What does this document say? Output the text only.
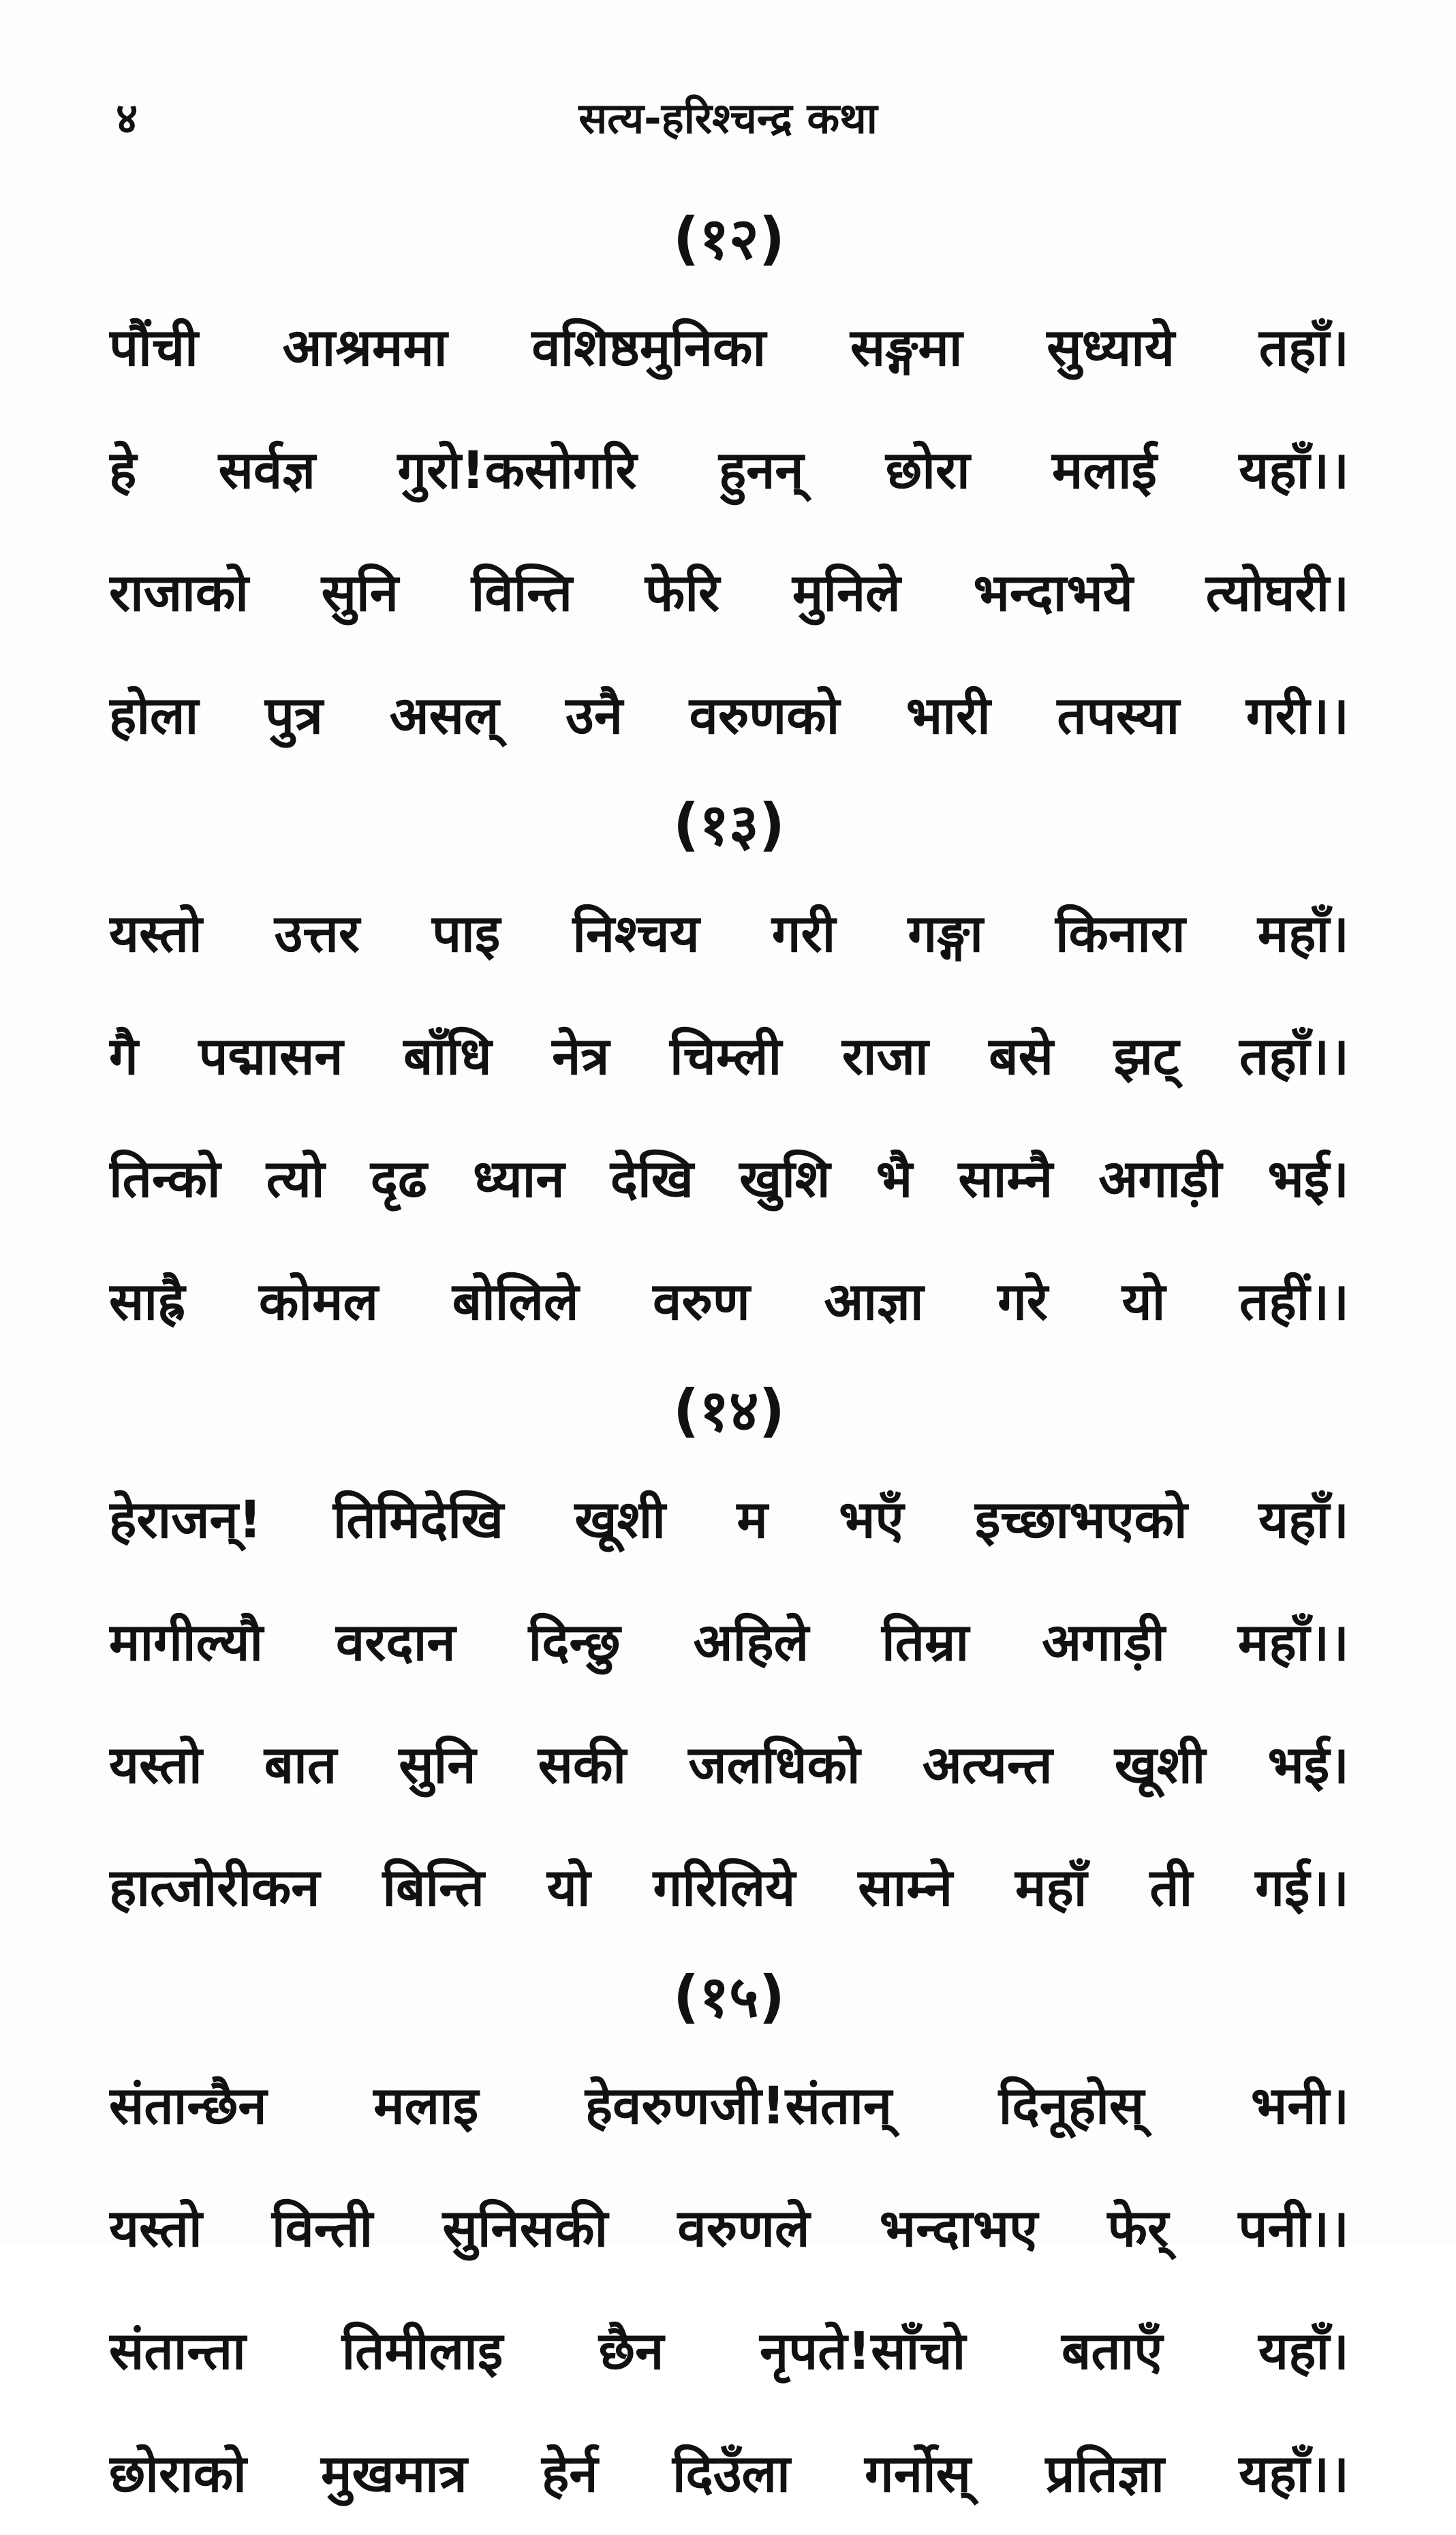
४	सत्य-हरिश्चन्द्र कथा
(१२)
पौंची आश्रममा वशिष्ठमुनिका सङ्गमा सुध्याये तहाँ।
हे सर्वज्ञ गुरो!कसोगरि हुनन् छोरा मलाई यहाँ।।
राजाको सुनि विन्ति फेरि मुनिले भन्दाभये त्योघरी।
होला पुत्र असल् उनै वरुणको भारी तपस्या गरी।।
(१३)
यस्तो उत्तर पाइ निश्चय गरी गङ्गा किनारा महाँ।
गै पद्मासन बाँधि नेत्र चिम्ली राजा बसे झट् तहाँ।।
तिन्को त्यो दृढ ध्यान देखि खुशि भै साम्नै अगाड़ी भई।
साह्रै कोमल बोलिले वरुण आज्ञा गरे यो तहीं।।
(१४)
हेराजन्! तिमिदेखि खूशी म भएँ इच्छाभएको यहाँ।
मागील्यौ वरदान दिन्छु अहिले तिम्रा अगाड़ी महाँ।।
यस्तो बात सुनि सकी जलधिको अत्यन्त खूशी भई।
हात्जोरीकन बिन्ति यो गरिलिये साम्ने महाँ ती गई।।
(१५)
संतान्छैन मलाइ हेवरुणजी!संतान् दिनूहोस् भनी।
यस्तो विन्ती सुनिसकी वरुणले भन्दाभए फेर् पनी।।
संतान्ता तिमीलाइ छैन नृपते!साँचो बताएँ यहाँ।
छोराको मुखमात्र हेर्न दिउँला गर्नोस् प्रतिज्ञा यहाँ।।
